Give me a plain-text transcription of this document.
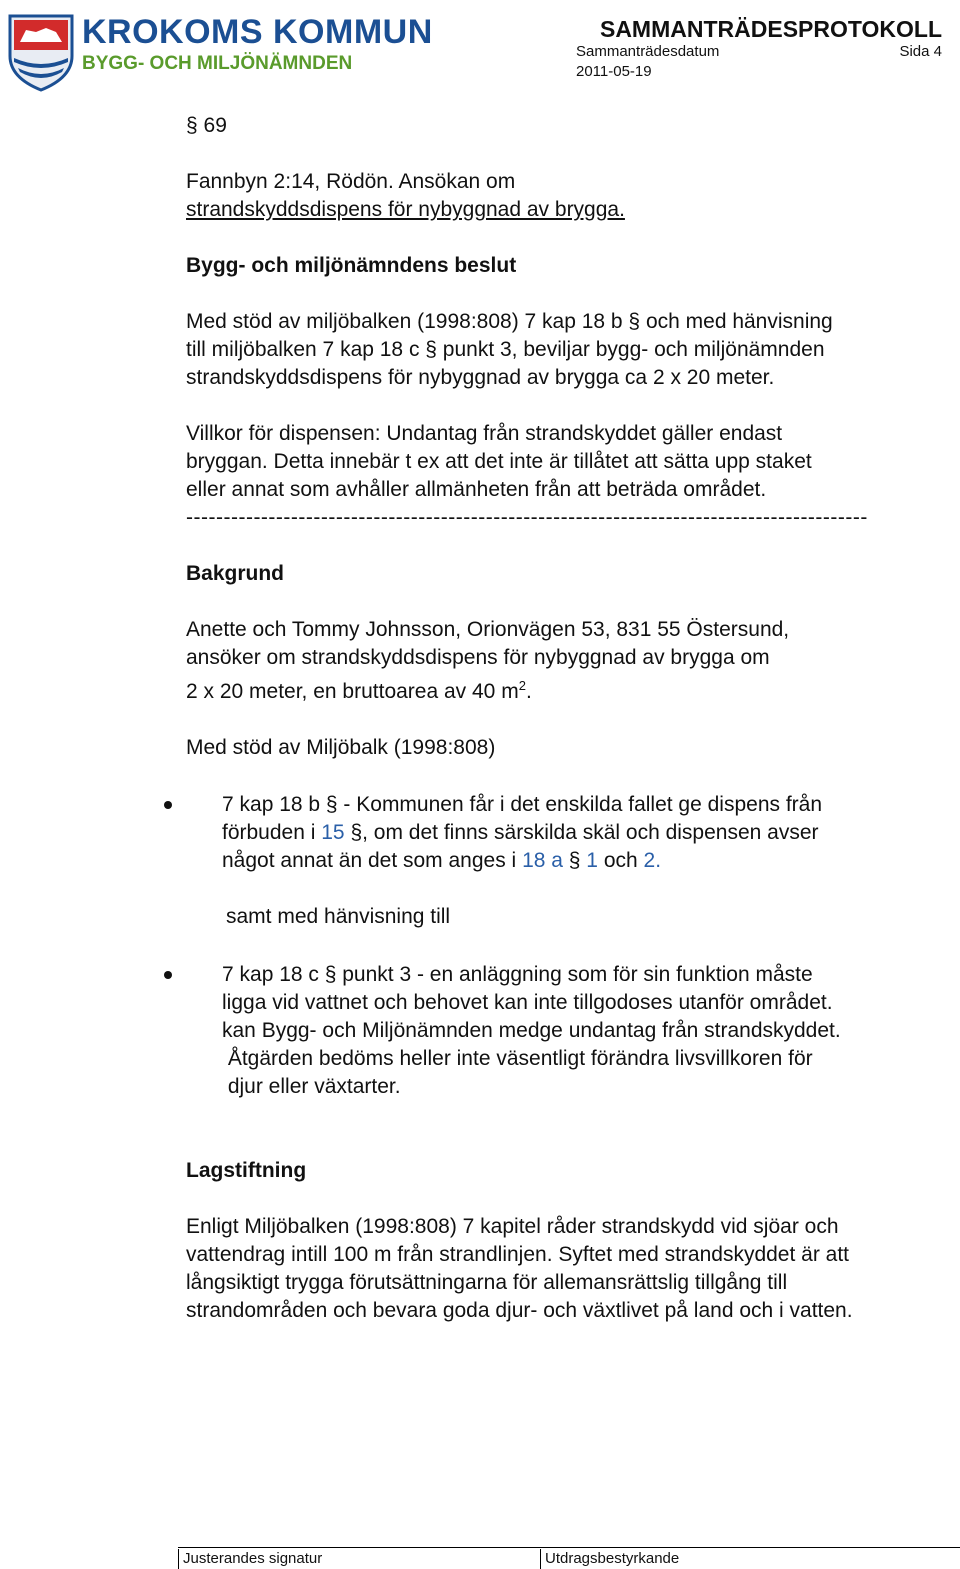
KROKOMS KOMMUN
BYGG- OCH MILJÖNÄMNDEN
SAMMANTRÄDESPROTOKOLL
Sammanträdesdatum	Sida 4
2011-05-19

§ 69

Fannbyn 2:14, Rödön. Ansökan om

strandskyddsdispens för nybyggnad av brygga.

Bygg- och miljönämndens beslut

Med stöd av miljöbalken (1998:808) 7 kap 18 b § och med hänvisning

till miljöbalken 7 kap 18 c § punkt 3, beviljar bygg- och miljönämnden

strandskyddsdispens för nybyggnad av brygga ca 2 x 20 meter.

Villkor för dispensen: Undantag från strandskyddet gäller endast

bryggan. Detta innebär t ex att det inte är tillåtet att sätta upp staket

eller annat som avhåller allmänheten från att beträda området.

-------------------------------------------------------------------------------------------

Bakgrund

Anette och Tommy Johnsson, Orionvägen 53, 831 55 Östersund,

ansöker om strandskyddsdispens för nybyggnad av brygga om

2 x 20 meter, en bruttoarea av 40 $m^2$.

Med stöd av Miljöbalk (1998:808)

7 kap 18 b § - Kommunen får i det enskilda fallet ge dispens från

förbuden i 15 §, om det finns särskilda skäl och dispensen avser

något annat än det som anges i 18 a § 1 och 2.

samt med hänvisning till

7 kap 18 c § punkt 3 - en anläggning som för sin funktion måste

ligga vid vattnet och behovet kan inte tillgodoses utanför området.

kan Bygg- och Miljönämnden medge undantag från strandskyddet.

Åtgärden bedöms heller inte väsentligt förändra livsvillkoren för

djur eller växtarter.

Lagstiftning

Enligt Miljöbalken (1998:808) 7 kapitel råder strandskydd vid sjöar och

vattendrag intill 100 m från strandlinjen. Syftet med strandskyddet är att

långsiktigt trygga förutsättningarna för allemansrättslig tillgång till

strandområden och bevara goda djur- och växtlivet på land och i vatten.

Justerandes signatur	Utdragsbestyrkande
